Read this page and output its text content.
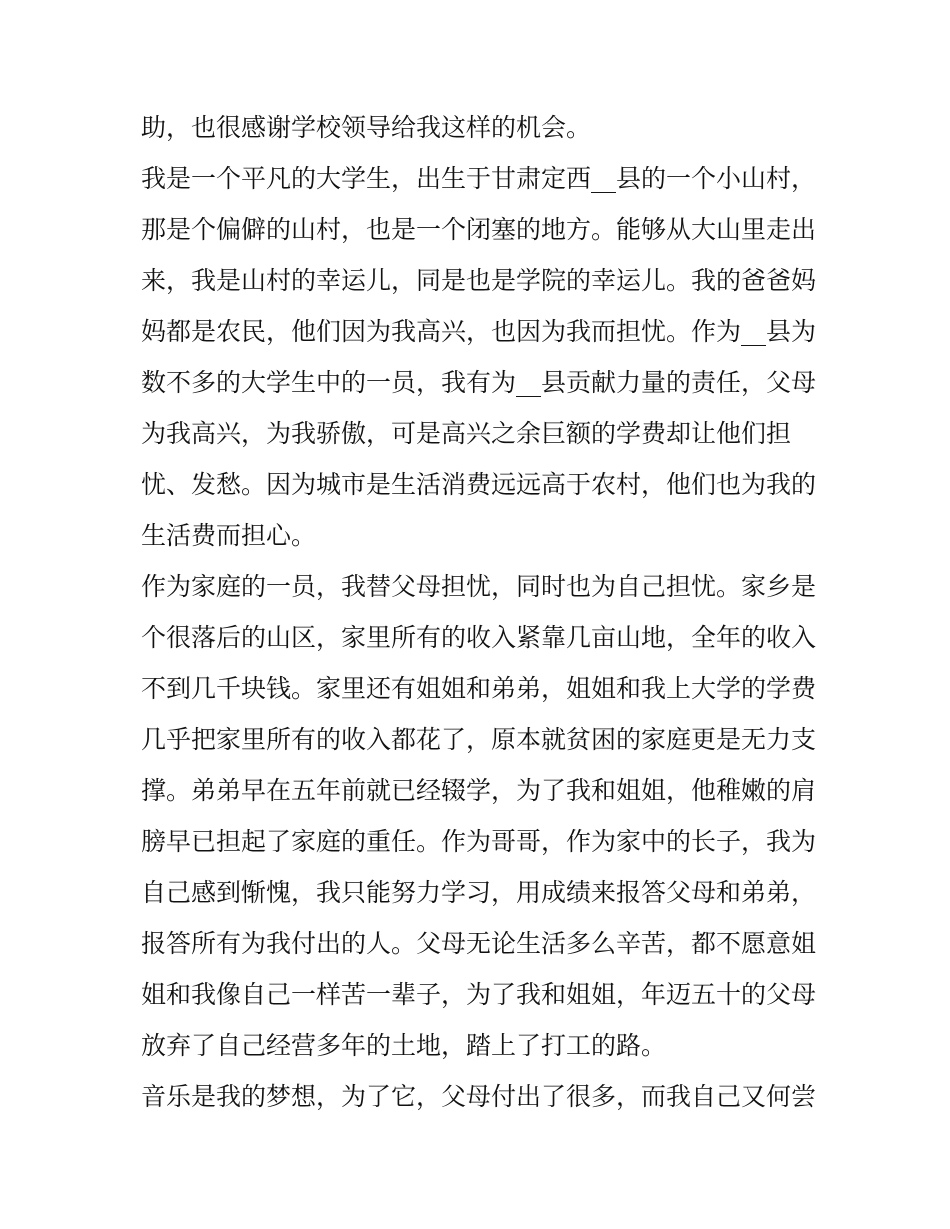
助，也很感谢学校领导给我这样的机会。
我是一个平凡的大学生，出生于甘肃定西__县的一个小山村，
那是个偏僻的山村，也是一个闭塞的地方。能够从大山里走出
来，我是山村的幸运儿，同是也是学院的幸运儿。我的爸爸妈
妈都是农民，他们因为我高兴，也因为我而担忧。作为__县为
数不多的大学生中的一员，我有为__县贡献力量的责任，父母
为我高兴，为我骄傲，可是高兴之余巨额的学费却让他们担
忧、发愁。因为城市是生活消费远远高于农村，他们也为我的
生活费而担心。
作为家庭的一员，我替父母担忧，同时也为自己担忧。家乡是
个很落后的山区，家里所有的收入紧靠几亩山地，全年的收入
不到几千块钱。家里还有姐姐和弟弟，姐姐和我上大学的学费
几乎把家里所有的收入都花了，原本就贫困的家庭更是无力支
撑。弟弟早在五年前就已经辍学，为了我和姐姐，他稚嫩的肩
膀早已担起了家庭的重任。作为哥哥，作为家中的长子，我为
自己感到惭愧，我只能努力学习，用成绩来报答父母和弟弟，
报答所有为我付出的人。父母无论生活多么辛苦，都不愿意姐
姐和我像自己一样苦一辈子，为了我和姐姐，年迈五十的父母
放弃了自己经营多年的土地，踏上了打工的路。
音乐是我的梦想，为了它，父母付出了很多，而我自己又何尝
